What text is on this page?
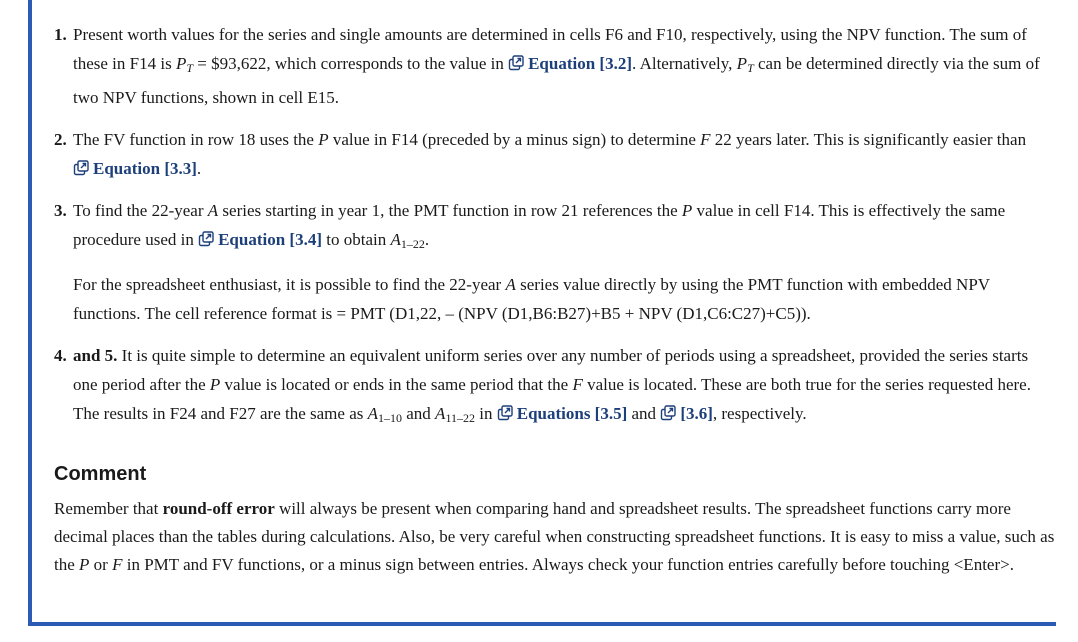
1. Present worth values for the series and single amounts are determined in cells F6 and F10, respectively, using the NPV function. The sum of these in F14 is $P_T$ = $93,622, which corresponds to the value in Equation [3.2]. Alternatively, $P_T$ can be determined directly via the sum of two NPV functions, shown in cell E15.
2. The FV function in row 18 uses the P value in F14 (preceded by a minus sign) to determine F 22 years later. This is significantly easier than Equation [3.3].
3. To find the 22-year A series starting in year 1, the PMT function in row 21 references the P value in cell F14. This is effectively the same procedure used in Equation [3.4] to obtain $A_{1-22}$.
For the spreadsheet enthusiast, it is possible to find the 22-year A series value directly by using the PMT function with embedded NPV functions. The cell reference format is = PMT (D1,22, – (NPV (D1,B6:B27)+B5 + NPV (D1,C6:C27)+C5)).
4. and 5. It is quite simple to determine an equivalent uniform series over any number of periods using a spreadsheet, provided the series starts one period after the P value is located or ends in the same period that the F value is located. These are both true for the series requested here. The results in F24 and F27 are the same as $A_{1-10}$ and $A_{11-22}$ in Equations [3.5] and [3.6], respectively.
Comment
Remember that round-off error will always be present when comparing hand and spreadsheet results. The spreadsheet functions carry more decimal places than the tables during calculations. Also, be very careful when constructing spreadsheet functions. It is easy to miss a value, such as the P or F in PMT and FV functions, or a minus sign between entries. Always check your function entries carefully before touching <Enter>.
